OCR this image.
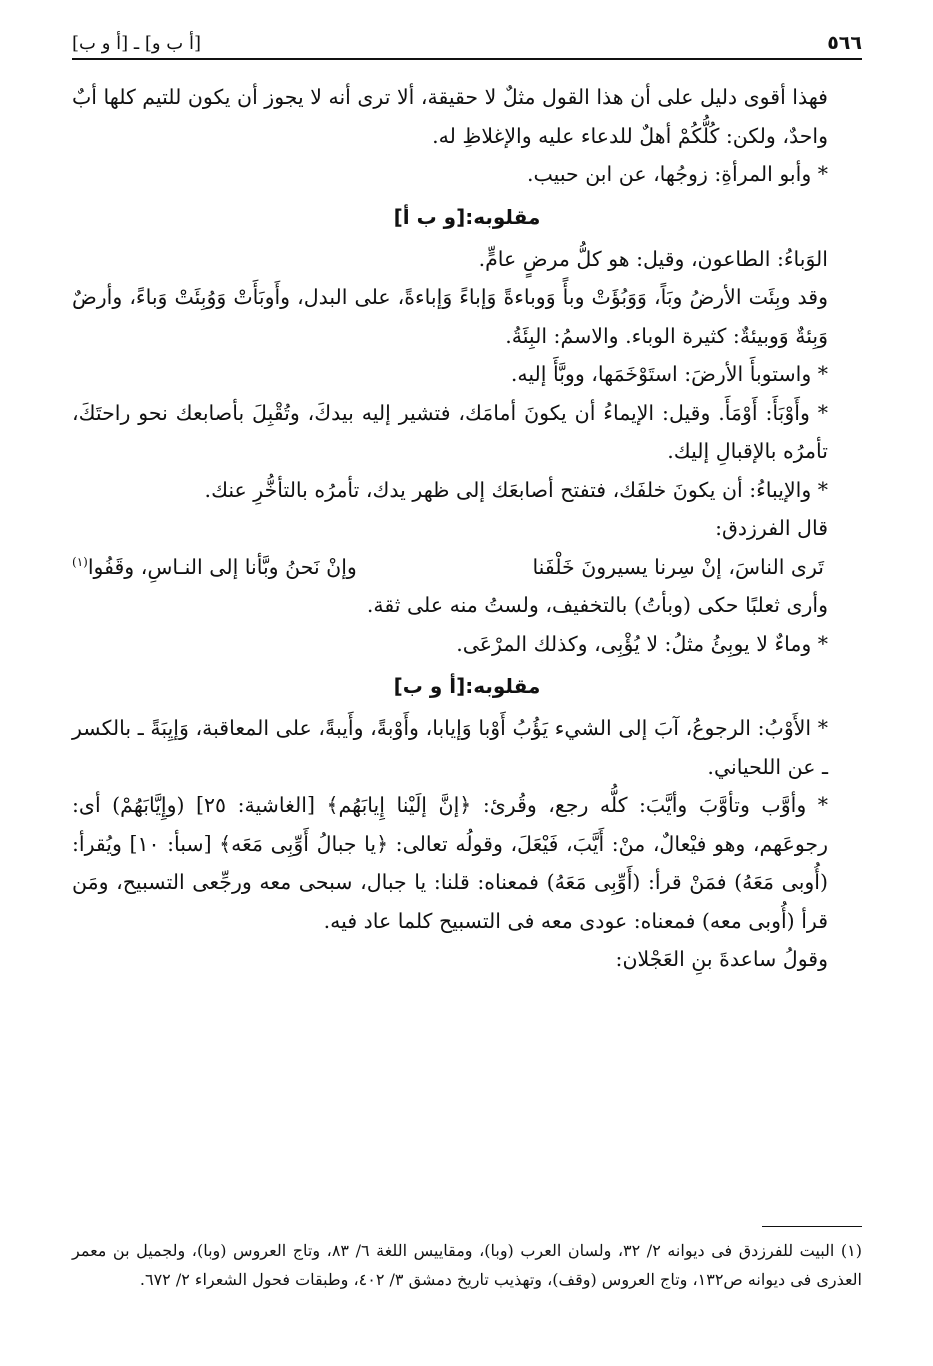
٥٦٦
[أ ب و] ـ [أ و ب]

فهذا أقوى دليل على أن هذا القول مثلٌ لا حقيقة، ألا ترى أنه لا يجوز أن يكون للتيم كلها أبٌ واحدٌ، ولكن: كُلُّكُمْ أهلٌ للدعاء عليه والإغلاظِ له.

* وأبو المرأةِ: زوجُها، عن ابن حبيب.

مقلوبه:[و ب أ]

الوَباءُ: الطاعون، وقيل: هو كلُّ مرضٍ عامٍّ.

وقد وبِئَت الأرضُ وبَاً، وَوَبُؤَتْ وبأً وَوباءةً وَإباءً وَإباءةً، على البدل، وأَوبَأَتْ وَوُبِئَتْ وَباءً، وأرضٌ وَبِئةٌ وَوبيئةٌ: كثيرة الوباء. والاسمُ: البِئَةُ.

* واستوبأَ الأرضَ: استَوْخَمَها، ووبَّأَ إليه.

* وأَوْبَأَ: أَوْمَأَ. وقيل: الإيماءُ أن يكونَ أمامَك، فتشير إليه بيدكَ، وتُقْبِلَ بأصابعك نحو راحتَكَ، تأمرُه بالإقبالِ إليك.

* والإيباءُ: أن يكونَ خلفَك، فتفتح أصابعَك إلى ظهر يدك، تأمرُه بالتأخُّرِ عنك.

قال الفرزدق:

تَرى الناسَ، إنْ سِرنا يسيرونَ خَلْفَنا
وإنْ نَحنُ وبَّأنا إلى النـاسِ، وقَفُوا$^{(١)}$

وأرى ثعلبًا حكى (وبأتُ) بالتخفيف، ولستُ منه على ثقة.

* وماءٌ لا يوبِئُ مثلُ: لا يُؤْبِى، وكذلك المرْعَى.

مقلوبه:[أ و ب]

* الأَوْبُ: الرجوعُ، آبَ إلى الشيء يَؤُبُ أَوْبا وَإيابا، وأَوْبةً، وأَيبةً، على المعاقبة، وَإيِبَةً ـ بالكسر ـ عن اللحياني.

* وأوَّب وتأوَّبَ وأيَّبَ: كلُّه رجع، وقُرئ: ﴿إنَّ إلَيْنا إِيابَهُم﴾ [الغاشية: ٢٥] (وإِيَّابَهُمْ) أى: رجوعَهم، وهو فيْعالٌ، منْ: أَيَّبَ، فَيْعَلَ، وقولُه تعالى: ﴿يا جبالُ أَوِّبِى مَعَه﴾ [سبأ: ١٠] ويُقرأ: (أُوبى مَعَهُ) فمَنْ قرأ: (أَوِّبِى مَعَهُ) فمعناه: قلنا: يا جبال، سبحى معه ورجِّعى التسبيح، ومَن قرأ (أُوبى معه) فمعناه: عودى معه فى التسبيح كلما عاد فيه.

وقولُ ساعدةَ بنِ العَجْلان:

(١) البيت للفرزدق فى ديوانه ٢/ ٣٢، ولسان العرب (وبا)، ومقاييس اللغة ٦/ ٨٣، وتاج العروس (وبا)، ولجميل بن معمر العذرى فى ديوانه ص١٣٢، وتاج العروس (وقف)، وتهذيب تاريخ دمشق ٣/ ٤٠٢، وطبقات فحول الشعراء ٢/ ٦٧٢.
